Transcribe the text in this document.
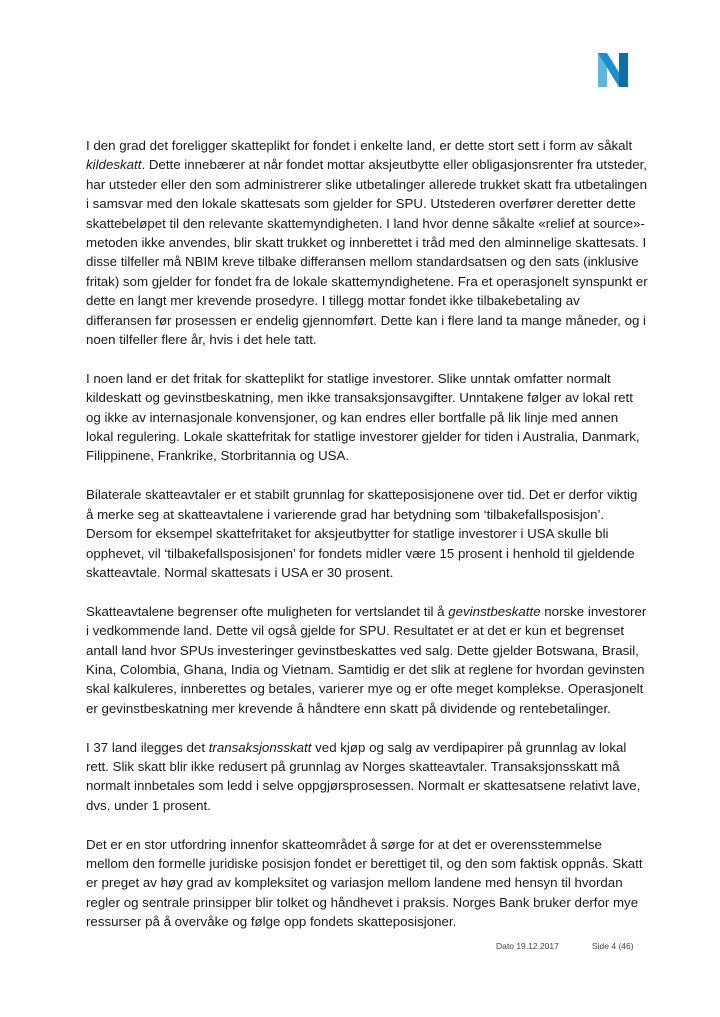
I den grad det foreligger skatteplikt for fondet i enkelte land, er dette stort sett i form av såkalt kildeskatt. Dette innebærer at når fondet mottar aksjeutbytte eller obligasjonsrenter fra utsteder, har utsteder eller den som administrerer slike utbetalinger allerede trukket skatt fra utbetalingen i samsvar med den lokale skattesats som gjelder for SPU. Utstederen overfører deretter dette skattebeløpet til den relevante skattemyndigheten. I land hvor denne såkalte «relief at source»- metoden ikke anvendes, blir skatt trukket og innberettet i tråd med den alminnelige skattesats. I disse tilfeller må NBIM kreve tilbake differansen mellom standardsatsen og den sats (inklusive fritak) som gjelder for fondet fra de lokale skattemyndighetene. Fra et operasjonelt synspunkt er dette en langt mer krevende prosedyre. I tillegg mottar fondet ikke tilbakebetaling av differansen før prosessen er endelig gjennomført. Dette kan i flere land ta mange måneder, og i noen tilfeller flere år, hvis i det hele tatt.

I noen land er det fritak for skatteplikt for statlige investorer. Slike unntak omfatter normalt kildeskatt og gevinstbeskatning, men ikke transaksjonsavgifter. Unntakene følger av lokal rett og ikke av internasjonale konvensjoner, og kan endres eller bortfalle på lik linje med annen lokal regulering. Lokale skattefritak for statlige investorer gjelder for tiden i Australia, Danmark, Filippinene, Frankrike, Storbritannia og USA.

Bilaterale skatteavtaler er et stabilt grunnlag for skatteposisjonene over tid. Det er derfor viktig å merke seg at skatteavtalene i varierende grad har betydning som ‘tilbakefallsposisjon’. Dersom for eksempel skattefritaket for aksjeutbytter for statlige investorer i USA skulle bli opphevet, vil ‘tilbakefallsposisjonen’ for fondets midler være 15 prosent i henhold til gjeldende skatteavtale. Normal skattesats i USA er 30 prosent.

Skatteavtalene begrenser ofte muligheten for vertslandet til å gevinstbeskatte norske investorer i vedkommende land. Dette vil også gjelde for SPU. Resultatet er at det er kun et begrenset antall land hvor SPUs investeringer gevinstbeskattes ved salg. Dette gjelder Botswana, Brasil, Kina, Colombia, Ghana, India og Vietnam. Samtidig er det slik at reglene for hvordan gevinsten skal kalkuleres, innberettes og betales, varierer mye og er ofte meget komplekse. Operasjonelt er gevinstbeskatning mer krevende å håndtere enn skatt på dividende og rentebetalinger.

I 37 land ilegges det transaksjonsskatt ved kjøp og salg av verdipapirer på grunnlag av lokal rett. Slik skatt blir ikke redusert på grunnlag av Norges skatteavtaler. Transaksjonsskatt må normalt innbetales som ledd i selve oppgjørsprosessen. Normalt er skattesatsene relativt lave, dvs. under 1 prosent.

Det er en stor utfordring innenfor skatteområdet å sørge for at det er overensstemmelse mellom den formelle juridiske posisjon fondet er berettiget til, og den som faktisk oppnås. Skatt er preget av høy grad av kompleksitet og variasjon mellom landene med hensyn til hvordan regler og sentrale prinsipper blir tolket og håndhevet i praksis. Norges Bank bruker derfor mye ressurser på å overvåke og følge opp fondets skatteposisjoner.

Dato 19.12.2017	Side 4 (46)
